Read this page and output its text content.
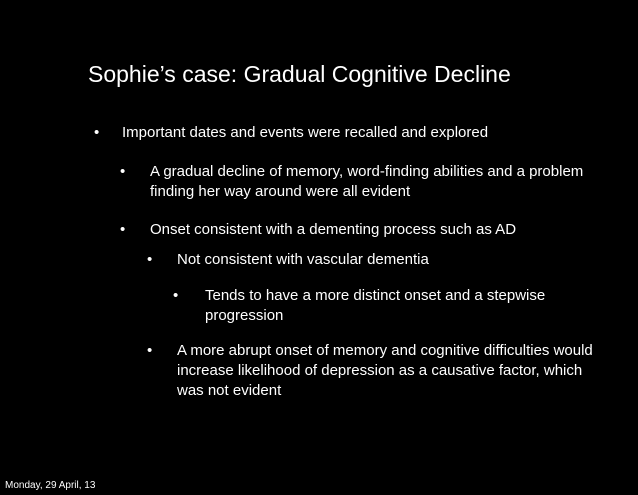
Sophie’s case: Gradual Cognitive Decline
• Important dates and events were recalled and explored
• A gradual decline of memory, word-finding abilities and a problem finding her way around were all evident
• Onset consistent with a dementing process such as AD
• Not consistent with vascular dementia
• Tends to have a more distinct onset and a stepwise progression
• A more abrupt onset of memory and cognitive difficulties would increase likelihood of depression as a causative factor, which was not evident
Monday, 29 April, 13
